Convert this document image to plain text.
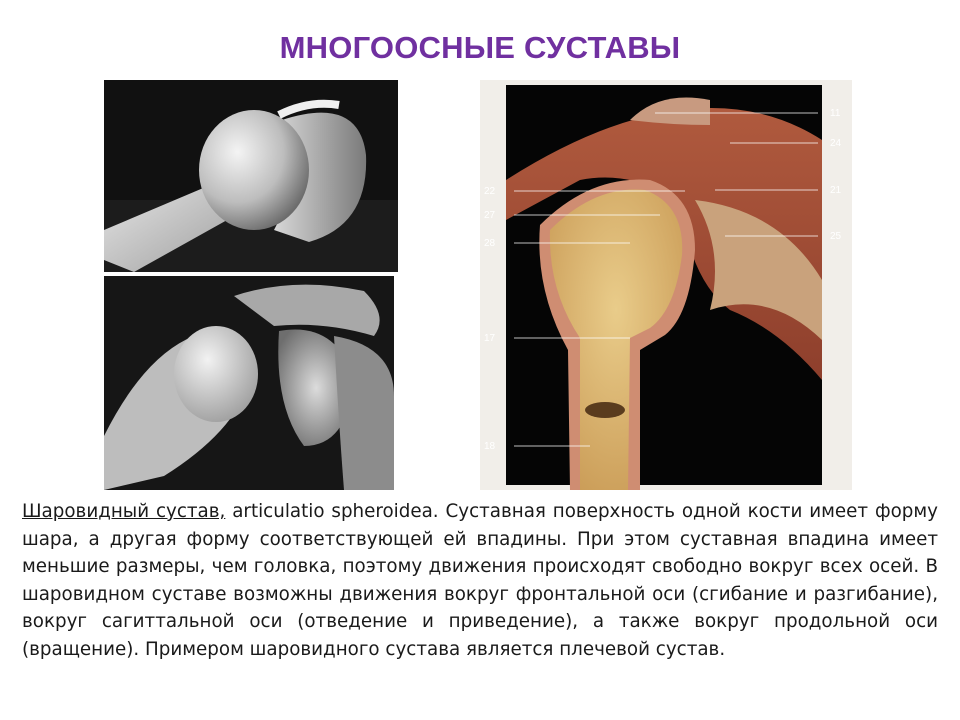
МНОГООСНЫЕ СУСТАВЫ
22
27
28
17
18
11
24
21
25

Шаровидный сустав, articulatio spheroidea. Суставная поверхность одной кости имеет форму шара, а другая форму соответствующей ей впадины. При этом суставная впадина имеет меньшие размеры, чем головка, поэтому движения происходят свободно вокруг всех осей. В шаровидном суставе возможны движения вокруг фронтальной оси (сгибание и разгибание), вокруг сагиттальной оси (отведение и приведение), а также вокруг продольной оси (вращение). Примером шаровидного сустава является плечевой сустав.
